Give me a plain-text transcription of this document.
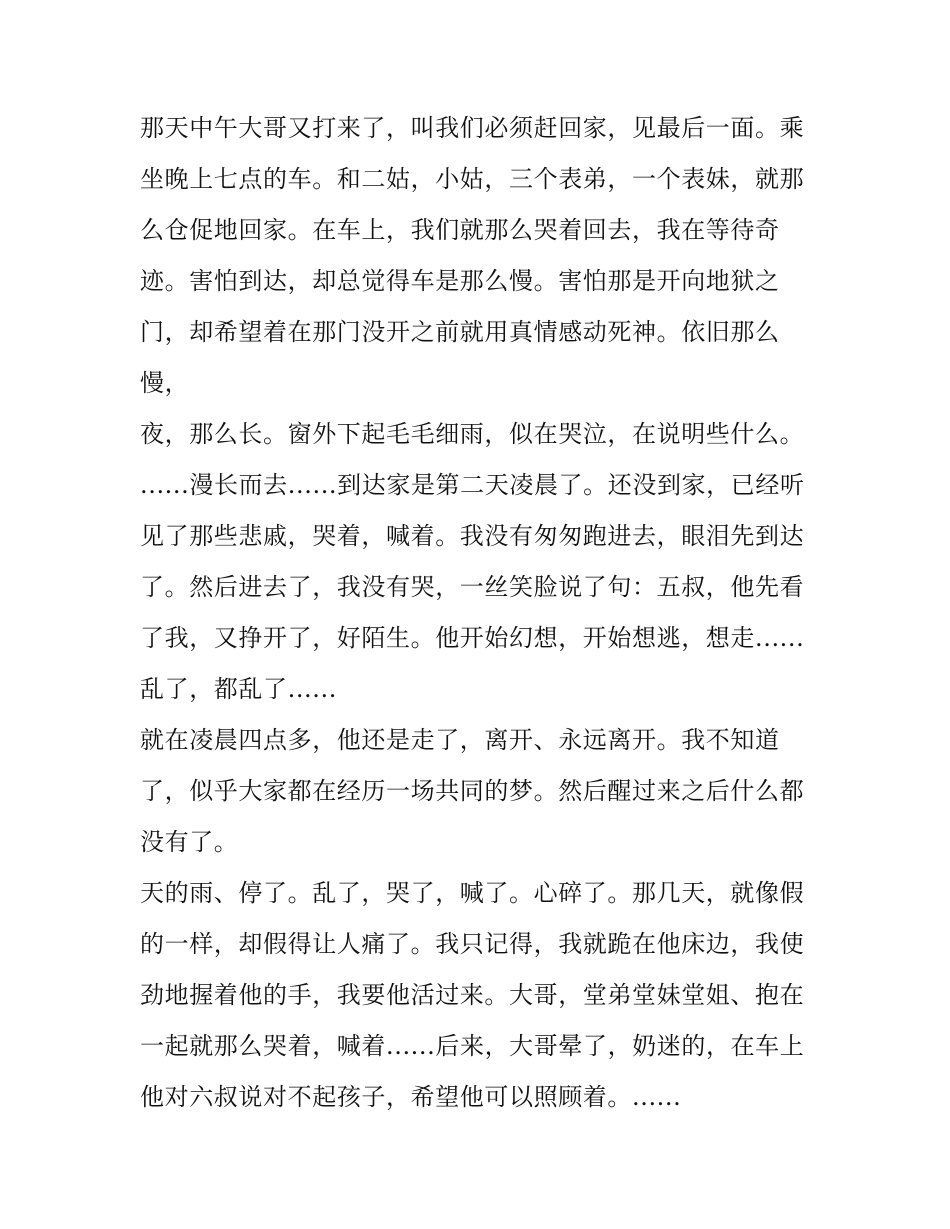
那天中午大哥又打来了，叫我们必须赶回家，见最后一面。乘
坐晚上七点的车。和二姑，小姑，三个表弟，一个表妹，就那
么仓促地回家。在车上，我们就那么哭着回去，我在等待奇
迹。害怕到达，却总觉得车是那么慢。害怕那是开向地狱之
门，却希望着在那门没开之前就用真情感动死神。依旧那么
慢，
夜，那么长。窗外下起毛毛细雨，似在哭泣，在说明些什么。
......漫长而去......到达家是第二天凌晨了。还没到家，已经听
见了那些悲戚，哭着，喊着。我没有匆匆跑进去，眼泪先到达
了。然后进去了，我没有哭，一丝笑脸说了句：五叔，他先看
了我，又挣开了，好陌生。他开始幻想，开始想逃，想走......
乱了，都乱了......
就在凌晨四点多，他还是走了，离开、永远离开。我不知道
了，似乎大家都在经历一场共同的梦。然后醒过来之后什么都
没有了。
天的雨、停了。乱了，哭了，喊了。心碎了。那几天，就像假
的一样，却假得让人痛了。我只记得，我就跪在他床边，我使
劲地握着他的手，我要他活过来。大哥，堂弟堂妹堂姐、抱在
一起就那么哭着，喊着......后来，大哥晕了，奶迷的，在车上
他对六叔说对不起孩子，希望他可以照顾着。......
